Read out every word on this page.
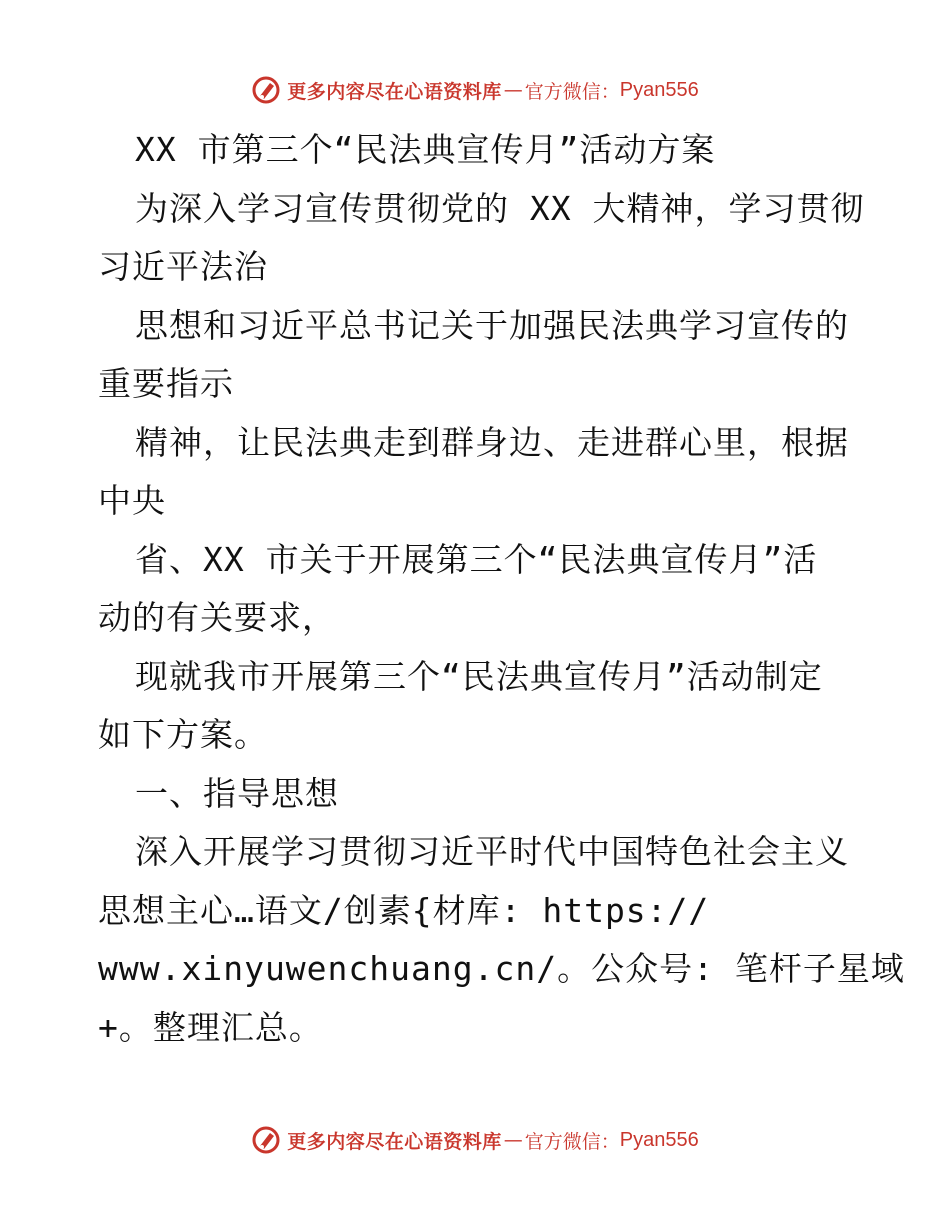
更多内容尽在心语资料库 — 官方微信： Pyan556
XX 市第三个“民法典宣传月”活动方案
为深入学习宣传贯彻党的 XX 大精神，学习贯彻
习近平法治
思想和习近平总书记关于加强民法典学习宣传的
重要指示
精神，让民法典走到群身边、走进群心里，根据
中央
省、XX 市关于开展第三个“民法典宣传月”活
动的有关要求，
现就我市开展第三个“民法典宣传月”活动制定
如下方案。
一、指导思想
深入开展学习贯彻习近平时代中国特色社会主义
思想主心…语文/创素{材库: https://
www.xinyuwenchuang.cn/。公众号: 笔杆子星域
+。整理汇总。
更多内容尽在心语资料库 — 官方微信： Pyan556
